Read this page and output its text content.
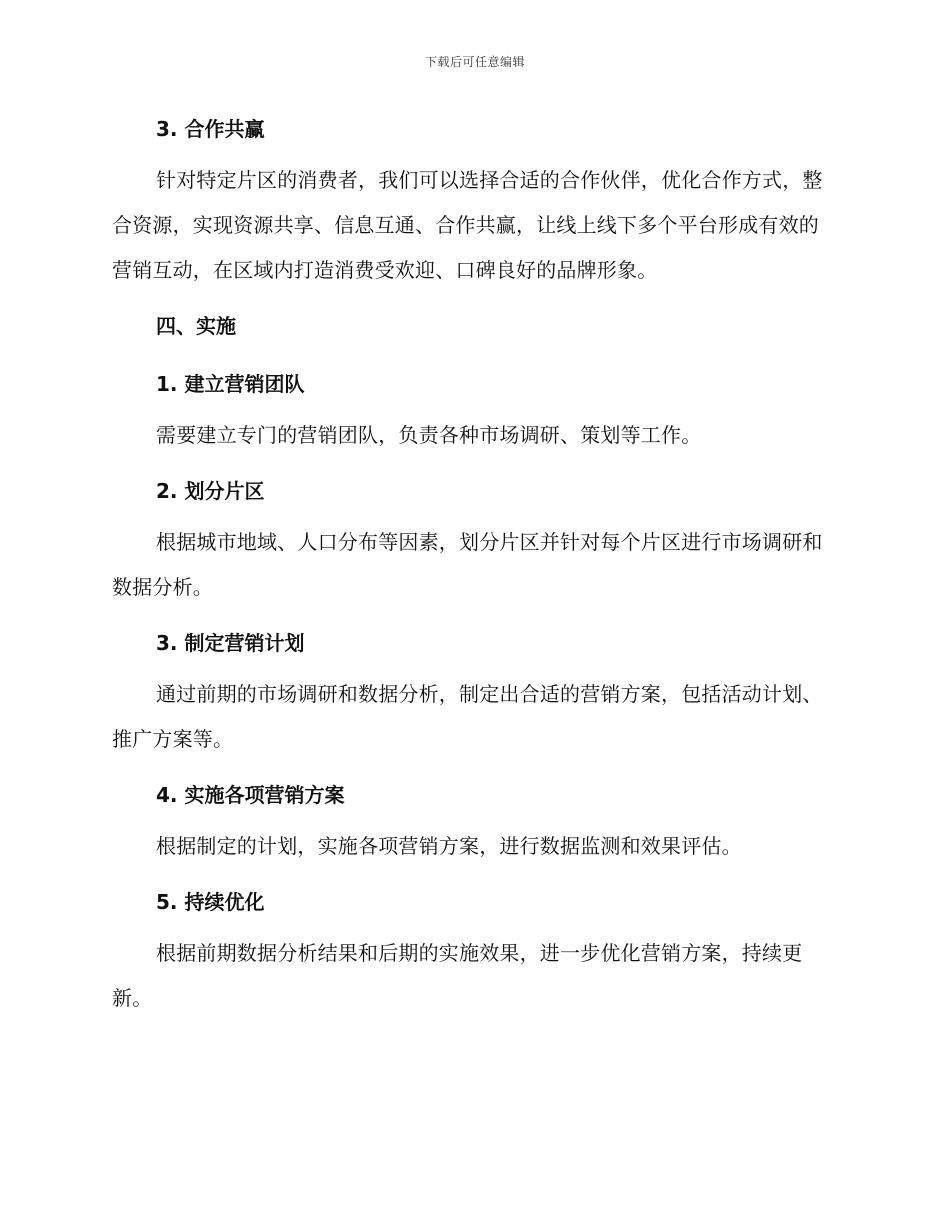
下载后可任意编辑
3. 合作共赢

针对特定片区的消费者，我们可以选择合适的合作伙伴，优化合作方式，整合资源，实现资源共享、信息互通、合作共赢，让线上线下多个平台形成有效的营销互动，在区域内打造消费受欢迎、口碑良好的品牌形象。

四、实施
1. 建立营销团队

需要建立专门的营销团队，负责各种市场调研、策划等工作。

2. 划分片区

根据城市地域、人口分布等因素，划分片区并针对每个片区进行市场调研和数据分析。

3. 制定营销计划

通过前期的市场调研和数据分析，制定出合适的营销方案，包括活动计划、推广方案等。

4. 实施各项营销方案

根据制定的计划，实施各项营销方案，进行数据监测和效果评估。

5. 持续优化

根据前期数据分析结果和后期的实施效果，进一步优化营销方案，持续更新。
